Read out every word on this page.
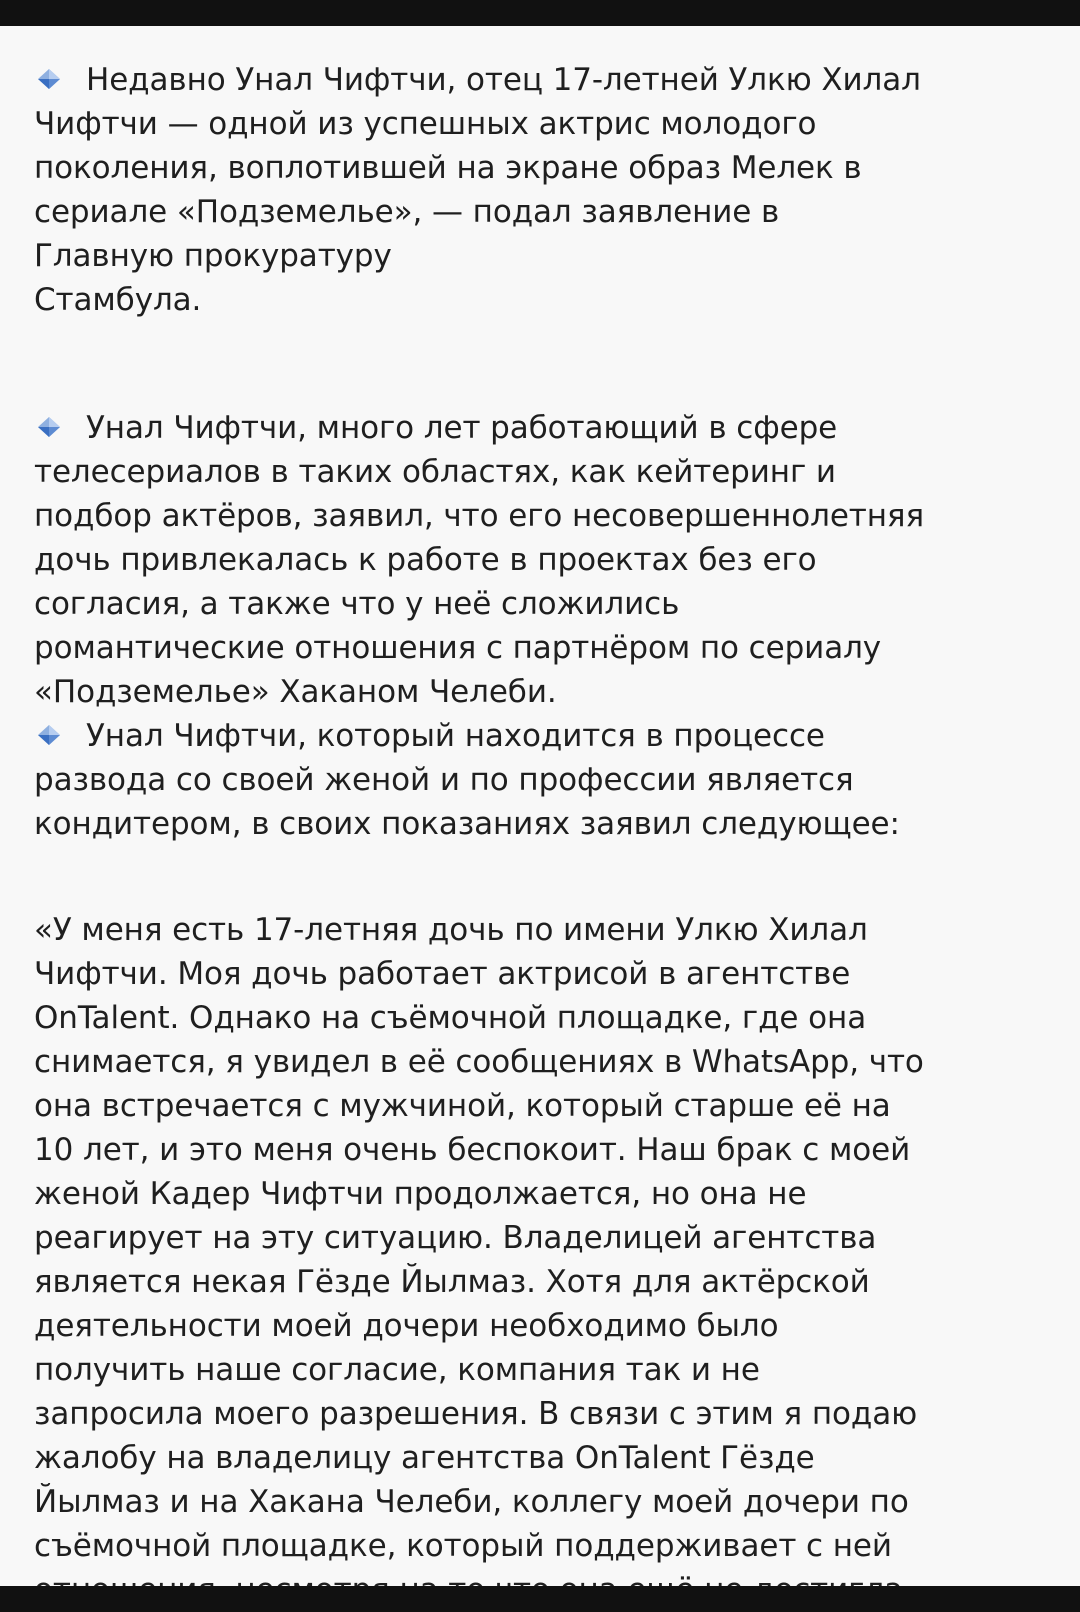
Недавно Унал Чифтчи, отец 17-летней Улкю Хилал
Чифтчи — одной из успешных актрис молодого
поколения, воплотившей на экране образ Мелек в
сериале «Подземелье», — подал заявление в
Главную прокуратуру
Стамбула.
Унал Чифтчи, много лет работающий в сфере
телесериалов в таких областях, как кейтеринг и
подбор актёров, заявил, что его несовершеннолетняя
дочь привлекалась к работе в проектах без его
согласия, а также что у неё сложились
романтические отношения с партнёром по сериалу
«Подземелье» Хаканом Челеби.
Унал Чифтчи, который находится в процессе
развода со своей женой и по профессии является
кондитером, в своих показаниях заявил следующее:
«У меня есть 17-летняя дочь по имени Улкю Хилал
Чифтчи. Моя дочь работает актрисой в агентстве
OnTalent. Однако на съёмочной площадке, где она
снимается, я увидел в её сообщениях в WhatsApp, что
она встречается с мужчиной, который старше её на
10 лет, и это меня очень беспокоит. Наш брак с моей
женой Кадер Чифтчи продолжается, но она не
реагирует на эту ситуацию. Владелицей агентства
является некая Гёзде Йылмаз. Хотя для актёрской
деятельности моей дочери необходимо было
получить наше согласие, компания так и не
запросила моего разрешения. В связи с этим я подаю
жалобу на владелицу агентства OnTalent Гёзде
Йылмаз и на Хакана Челеби, коллегу моей дочери по
съёмочной площадке, который поддерживает с ней
